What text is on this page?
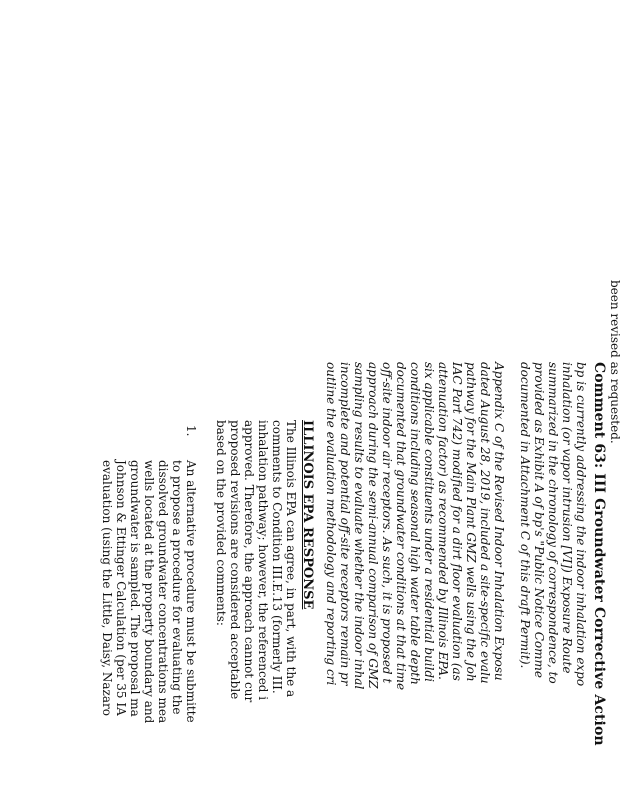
been revised as requested.
Comment 63: III Groundwater Corrective Action
bp is currently addressing the indoor inhalation expo
inhalation (or vapor intrusion [VI]) Exposure Route
summarized in the chronology of correspondence, to
provided as Exhibit A of bp's "Public Notice Comme
documented in Attachment C of this draft Permit).
Appendix C of the Revised Indoor Inhalation Exposu
dated August 28, 2019, included a site-specific evalu
pathway for the Main Plant GMZ wells using the Joh
IAC Part 742) modified for a dirt floor evaluation (as
attenuation factor) as recommended by Illinois EPA.
six applicable constituents under a residential buildi
conditions including seasonal high water table depth
documented that groundwater conditions at that time
off-site indoor air receptors. As such, it is proposed t
approach during the semi-annual comparison of GMZ
sampling results to evaluate whether the indoor inhal
incomplete and potential off-site receptors remain pr
outline the evaluation methodology and reporting cri
ILLINOIS EPA RESPONSE
The Illinois EPA can agree, in part, with the a
comments to Condition III.E.13 (formerly III.
inhalation pathway; however, the referenced i
approved. Therefore, the approach cannot cur
proposed revisions are considered acceptable
based on the provided comments:
1.
An alternative procedure must be submitte
to propose a procedure for evaluating the
dissolved groundwater concentrations mea
wells located at the property boundary and
groundwater is sampled. The proposal ma
Johnson & Ettinger Calculation (per 35 IA
evaluation (using the Little, Daisy, Nazaro
